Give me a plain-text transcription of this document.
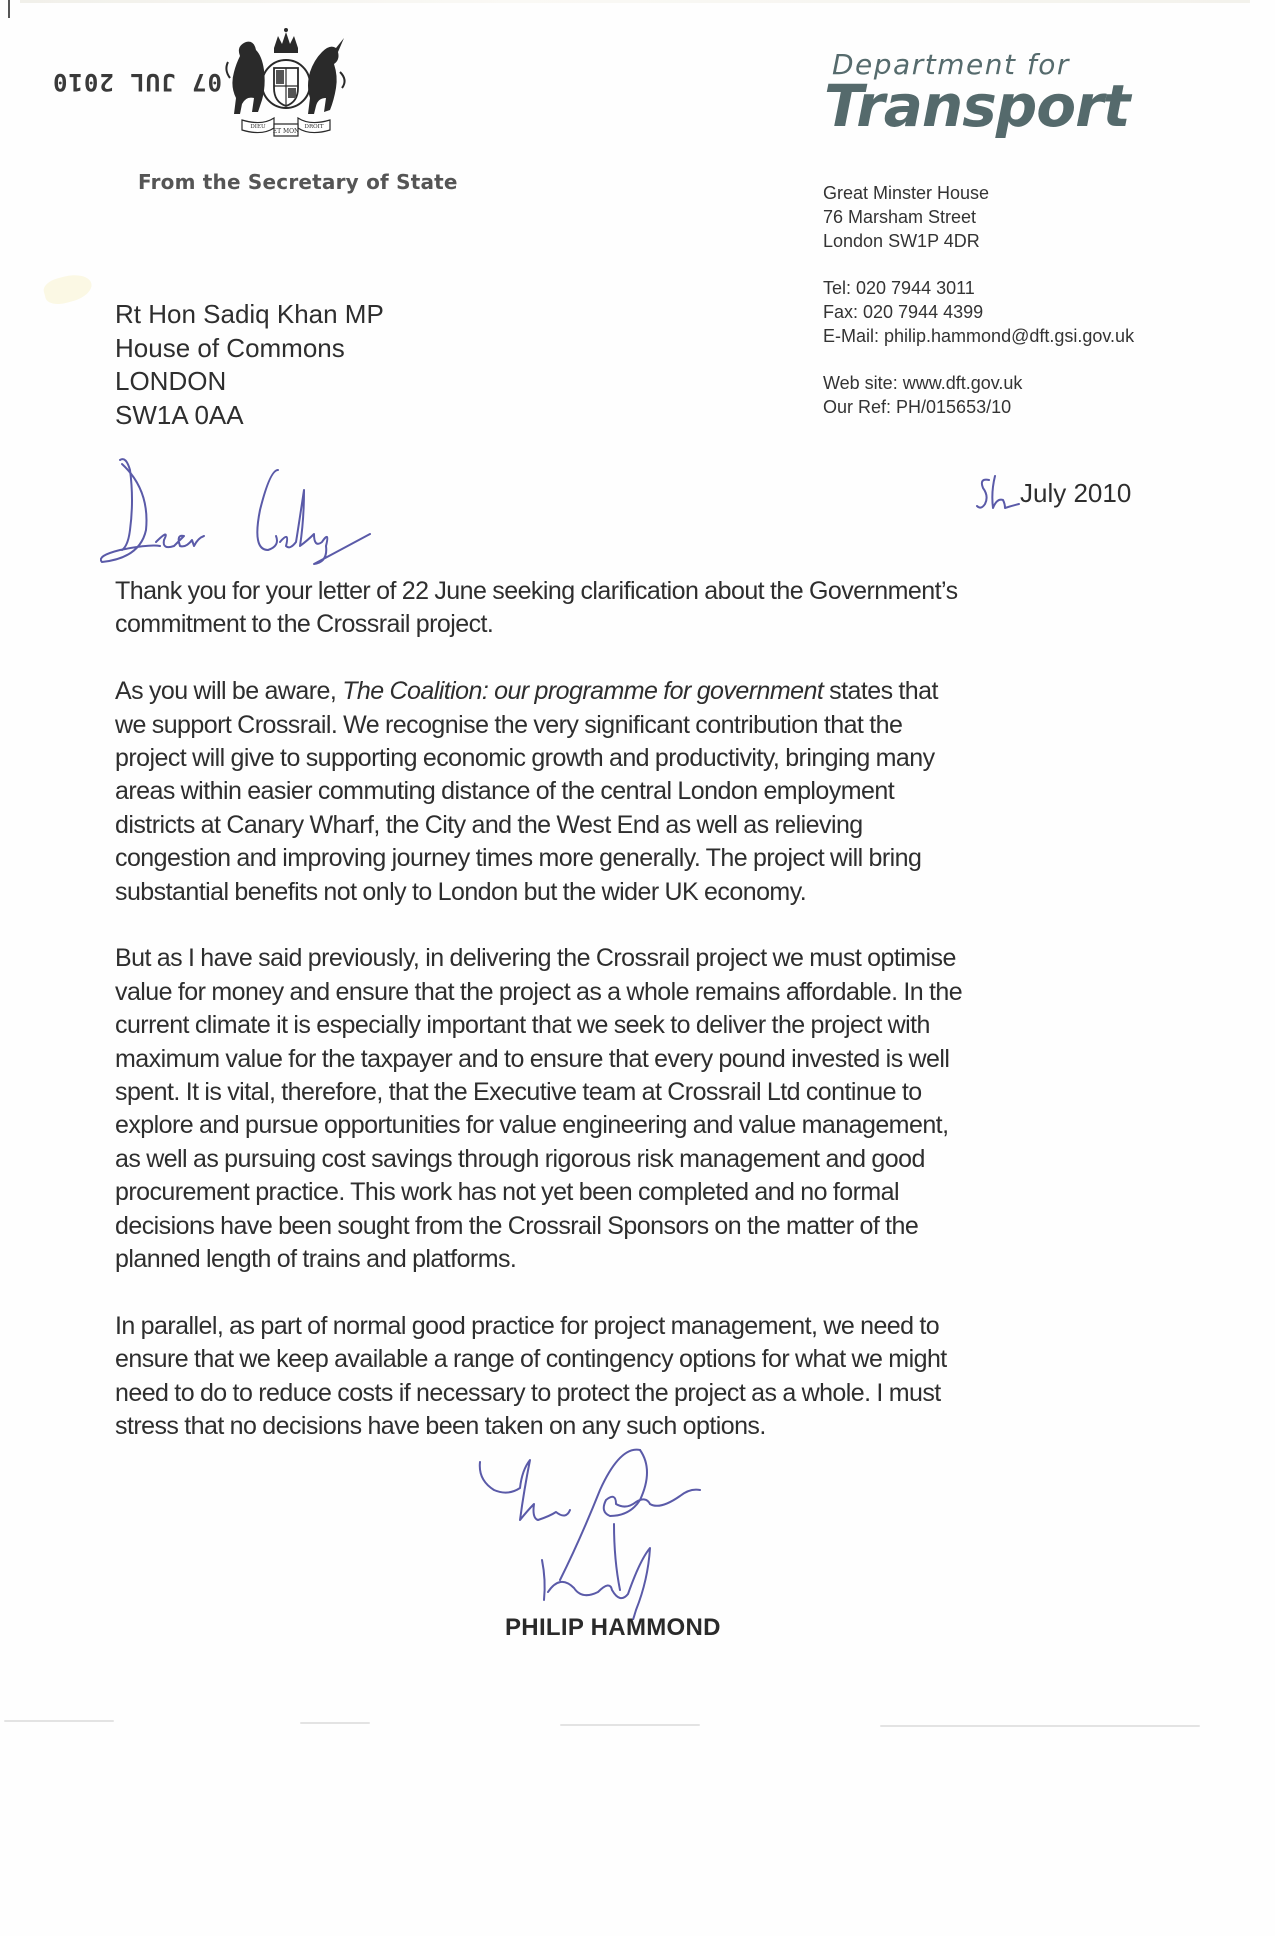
07 JUL 2010
ET MON
DIEU	DROIT
From the Secretary of State
Department for
Transport
Great Minster House
76 Marsham Street
London SW1P 4DR
Tel: 020 7944 3011
Fax: 020 7944 4399
E-Mail: philip.hammond@dft.gsi.gov.uk
Web site: www.dft.gov.uk
Our Ref: PH/015653/10
Rt Hon Sadiq Khan MP
House of Commons
LONDON
SW1A 0AA
July 2010

Thank you for your letter of 22 June seeking clarification about the Government’s
commitment to the Crossrail project.

As you will be aware, The Coalition: our programme for government states that
we support Crossrail. We recognise the very significant contribution that the
project will give to supporting economic growth and productivity, bringing many
areas within easier commuting distance of the central London employment
districts at Canary Wharf, the City and the West End as well as relieving
congestion and improving journey times more generally. The project will bring
substantial benefits not only to London but the wider UK economy.

But as I have said previously, in delivering the Crossrail project we must optimise
value for money and ensure that the project as a whole remains affordable. In the
current climate it is especially important that we seek to deliver the project with
maximum value for the taxpayer and to ensure that every pound invested is well
spent. It is vital, therefore, that the Executive team at Crossrail Ltd continue to
explore and pursue opportunities for value engineering and value management,
as well as pursuing cost savings through rigorous risk management and good
procurement practice. This work has not yet been completed and no formal
decisions have been sought from the Crossrail Sponsors on the matter of the
planned length of trains and platforms.

In parallel, as part of normal good practice for project management, we need to
ensure that we keep available a range of contingency options for what we might
need to do to reduce costs if necessary to protect the project as a whole. I must
stress that no decisions have been taken on any such options.

PHILIP HAMMOND
